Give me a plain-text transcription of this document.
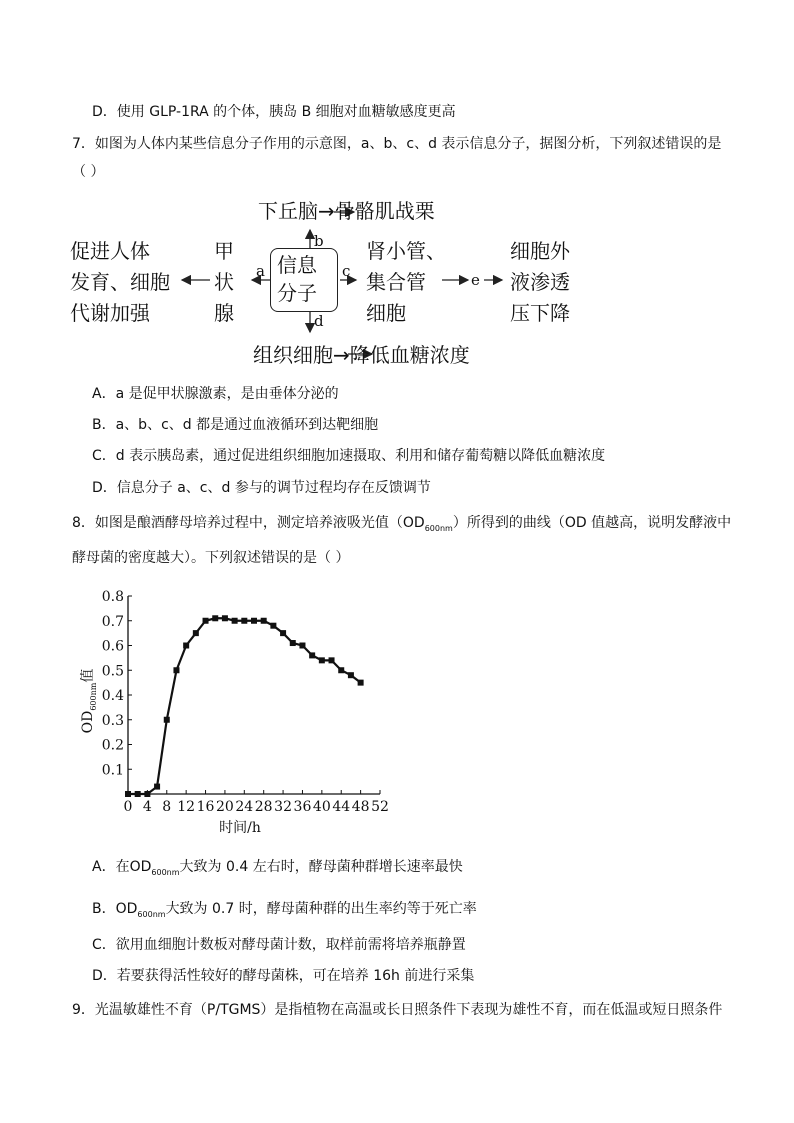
D．使用 GLP-1RA 的个体，胰岛 B 细胞对血糖敏感度更高
7．如图为人体内某些信息分子作用的示意图，a、b、c、d 表示信息分子，据图分析，下列叙述错误的是
（ ）
信息
分子
下丘脑→骨骼肌战栗
组织细胞→降低血糖浓度
促进人体
发育、细胞
代谢加强
甲
状
腺
肾小管、
集合管
细胞
细胞外
液渗透
压下降
b
d
a	c	e
A．a 是促甲状腺激素，是由垂体分泌的
B．a、b、c、d 都是通过血液循环到达靶细胞
C．d 表示胰岛素，通过促进组织细胞加速摄取、利用和储存葡萄糖以降低血糖浓度
D．信息分子 a、c、d 参与的调节过程均存在反馈调节
8．如图是酿酒酵母培养过程中，测定培养液吸光值$(OD_{600nm})$所得到的曲线（OD 值越高，说明发酵液中
酵母菌的密度越大）。下列叙述错误的是（ ）
0.1
0.2
0.3
0.4
0.5
0.6
0.7
0.8
0 4 8 12 16 20 24 28 32 36 40 44 48 52
时间/h
$OD_{600nm}$值
A．在$OD_{600nm}$大致为 0.4 左右时，酵母菌种群增长速率最快
B．$OD_{600nm}$大致为 0.7 时，酵母菌种群的出生率约等于死亡率
C．欲用血细胞计数板对酵母菌计数，取样前需将培养瓶静置
D．若要获得活性较好的酵母菌株，可在培养 16h 前进行采集
9．光温敏雄性不育（P/TGMS）是指植物在高温或长日照条件下表现为雄性不育，而在低温或短日照条件
